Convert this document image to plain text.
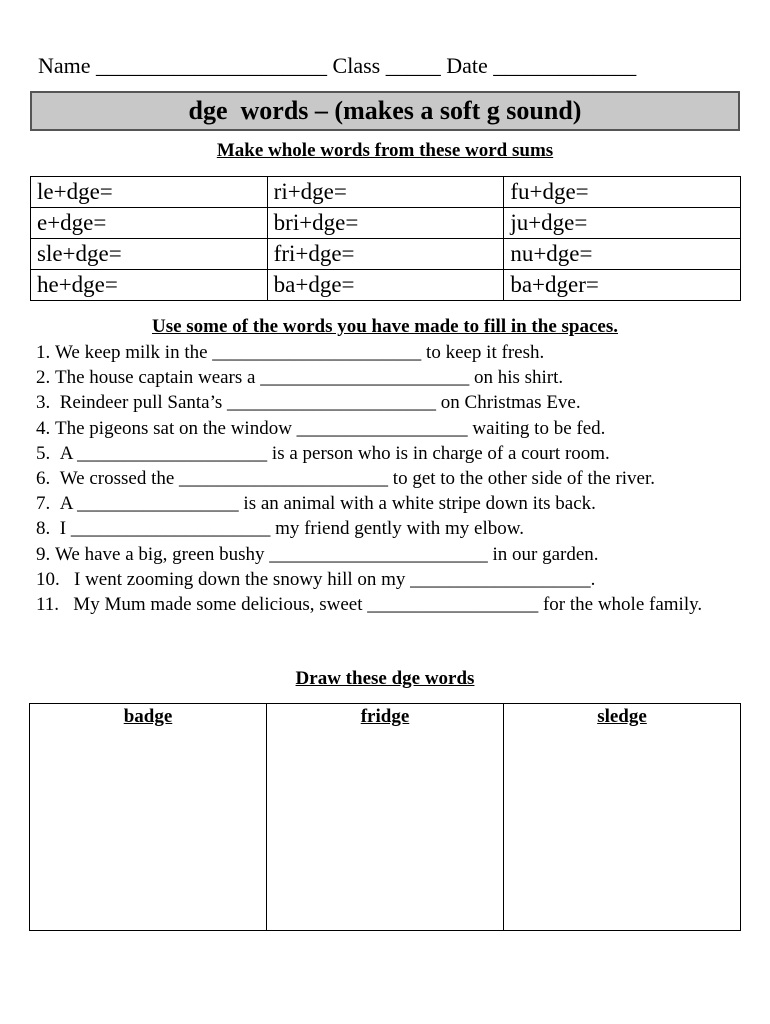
Name _____________________ Class _____ Date _____________
dge  words – (makes a soft g sound)
Make whole words from these word sums
le+dge=	ri+dge=	fu+dge=
e+dge=	bri+dge=	ju+dge=
sle+dge=	fri+dge=	nu+dge=
he+dge=	ba+dge=	ba+dger=
Use some of the words you have made to fill in the spaces.
1. We keep milk in the ______________________ to keep it fresh.
2. The house captain wears a ______________________ on his shirt.
3. Reindeer pull Santa’s ______________________ on Christmas Eve.
4. The pigeons sat on the window __________________ waiting to be fed.
5. A ____________________ is a person who is in charge of a court room.
6. We crossed the ______________________ to get to the other side of the river.
7. A _________________ is an animal with a white stripe down its back.
8. I _____________________ my friend gently with my elbow.
9. We have a big, green bushy _______________________ in our garden.
10. I went zooming down the snowy hill on my ___________________.
11. My Mum made some delicious, sweet __________________ for the whole family.
Draw these dge words
badge	fridge	sledge
